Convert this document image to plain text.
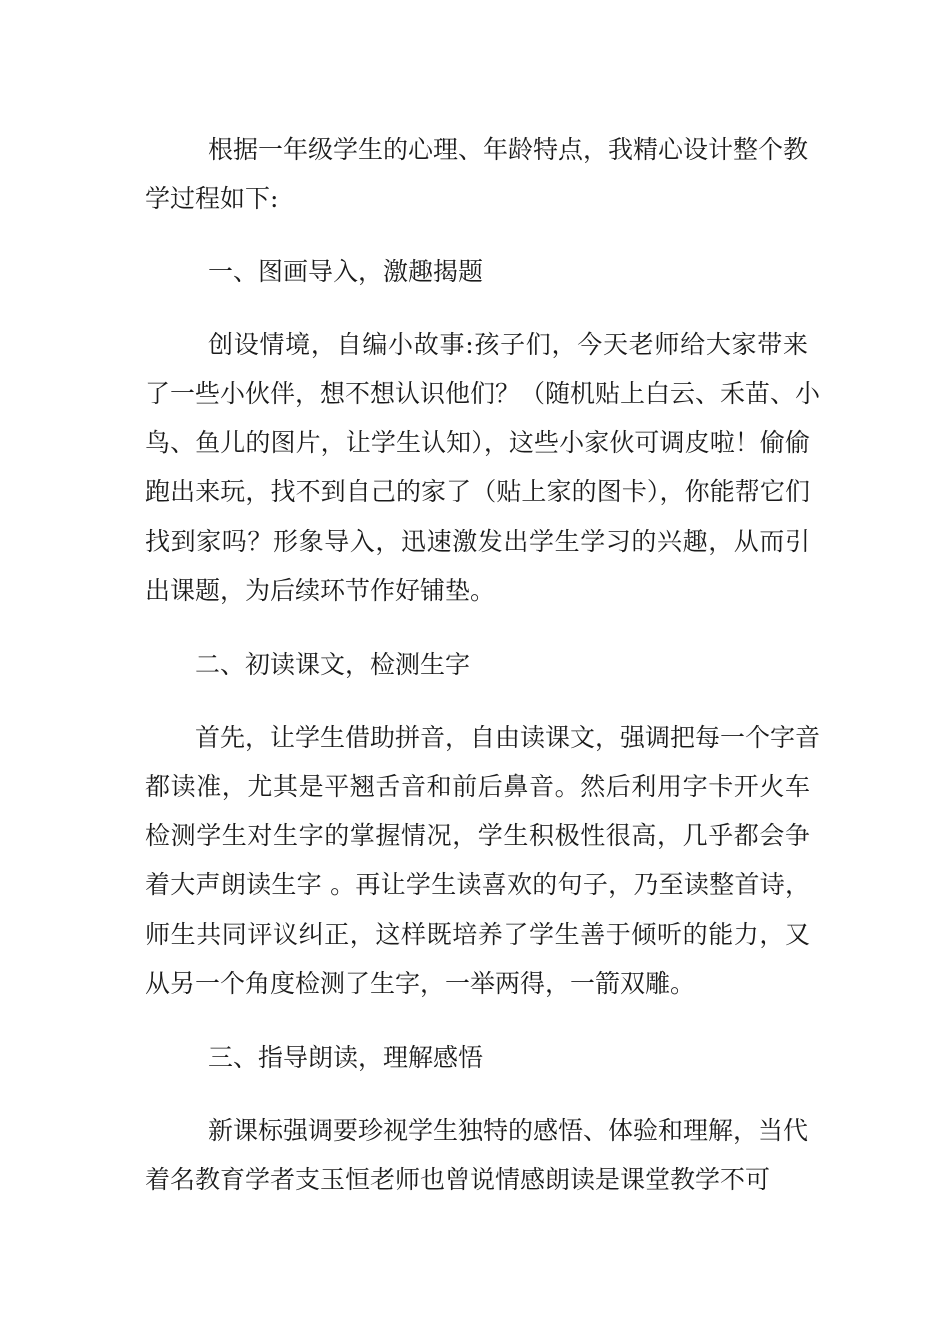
根据一年级学生的心理、年龄特点，我精心设计整个教
学过程如下:
一、图画导入，激趣揭题
创设情境，自编小故事:孩子们，今天老师给大家带来
了一些小伙伴，想不想认识他们？（随机贴上白云、禾苗、小
鸟、鱼儿的图片，让学生认知），这些小家伙可调皮啦！偷偷
跑出来玩，找不到自己的家了（贴上家的图卡），你能帮它们
找到家吗？形象导入，迅速激发出学生学习的兴趣，从而引
出课题，为后续环节作好铺垫。
二、初读课文，检测生字
首先，让学生借助拼音，自由读课文，强调把每一个字音
都读准，尤其是平翘舌音和前后鼻音。然后利用字卡开火车
检测学生对生字的掌握情况，学生积极性很高，几乎都会争
着大声朗读生字 。再让学生读喜欢的句子，乃至读整首诗，
师生共同评议纠正，这样既培养了学生善于倾听的能力，又
从另一个角度检测了生字，一举两得，一箭双雕。
三、指导朗读，理解感悟
新课标强调要珍视学生独特的感悟、体验和理解，当代
着名教育学者支玉恒老师也曾说情感朗读是课堂教学不可
